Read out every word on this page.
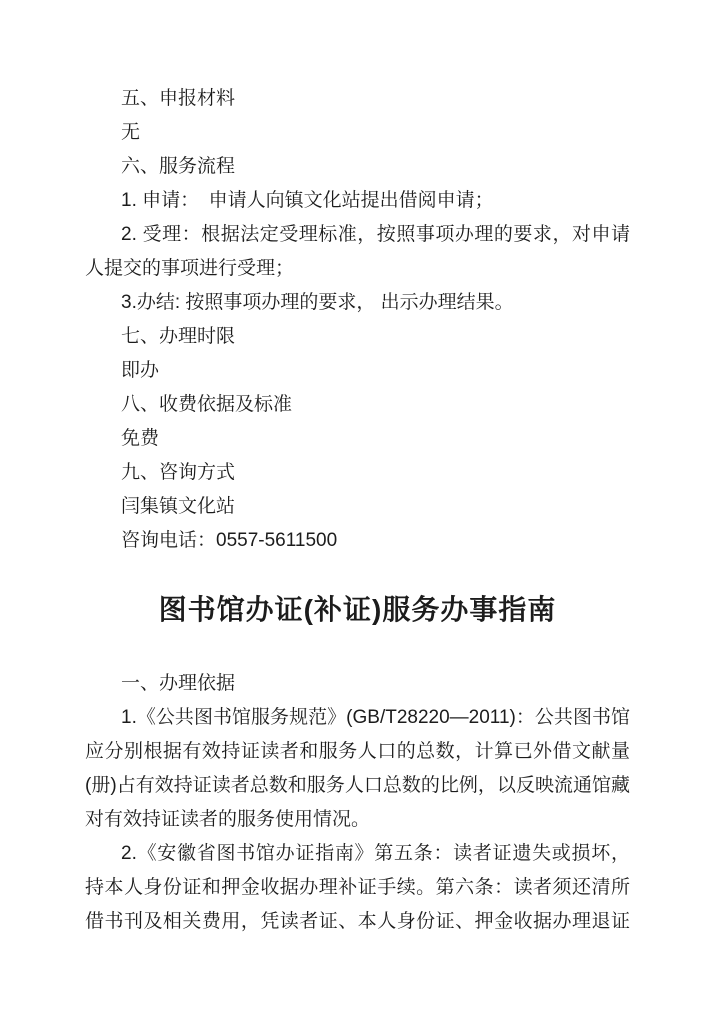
五、申报材料
无
六、服务流程
1. 申请：　申请人向镇文化站提出借阅申请；
2. 受理：根据法定受理标准，按照事项办理的要求，对申请
人提交的事项进行受理；
3.办结: 按照事项办理的要求， 出示办理结果。
七、办理时限
即办
八、收费依据及标准
免费
九、咨询方式
闫集镇文化站
咨询电话：0557-5611500
图书馆办证(补证)服务办事指南
一、办理依据
1.《公共图书馆服务规范》(GB/T28220—2011)：公共图书馆
应分别根据有效持证读者和服务人口的总数，计算已外借文献量
(册)占有效持证读者总数和服务人口总数的比例，以反映流通馆藏
对有效持证读者的服务使用情况。
2.《安徽省图书馆办证指南》第五条：读者证遗失或损坏，
持本人身份证和押金收据办理补证手续。第六条：读者须还清所
借书刊及相关费用，凭读者证、本人身份证、押金收据办理退证
